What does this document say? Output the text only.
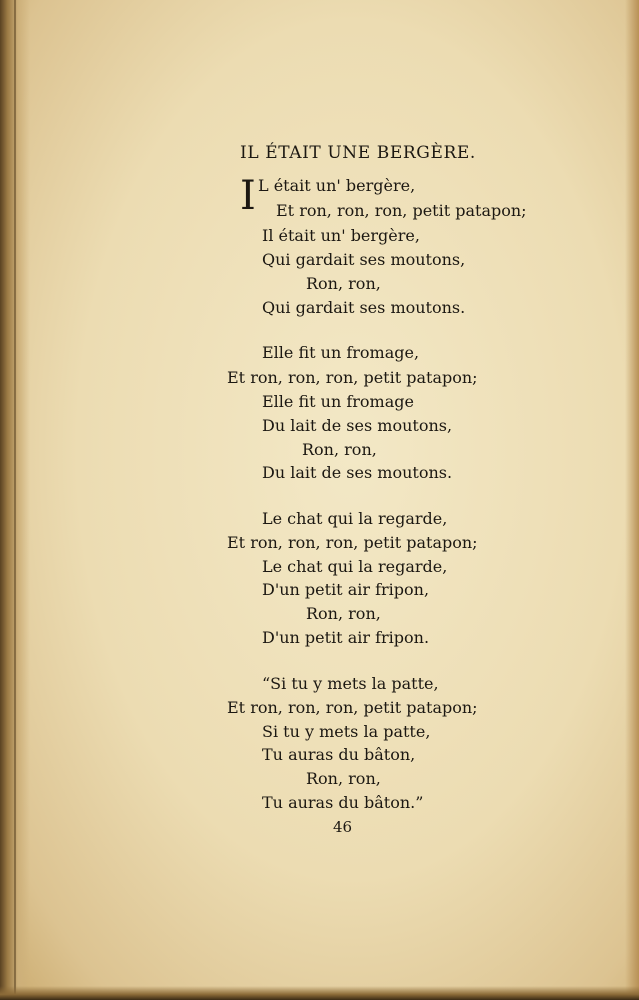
IL ÉTAIT UNE BERGÈRE.

I L était un' bergère,

Et ron, ron, ron, petit patapon;

Il était un' bergère,

Qui gardait ses moutons,

Ron, ron,

Qui gardait ses moutons.

Elle fit un fromage,

Et ron, ron, ron, petit patapon;

Elle fit un fromage

Du lait de ses moutons,

Ron, ron,

Du lait de ses moutons.

Le chat qui la regarde,

Et ron, ron, ron, petit patapon;

Le chat qui la regarde,

D'un petit air fripon,

Ron, ron,

D'un petit air fripon.

“Si tu y mets la patte,

Et ron, ron, ron, petit patapon;

Si tu y mets la patte,

Tu auras du bâton,

Ron, ron,

Tu auras du bâton.”

46
